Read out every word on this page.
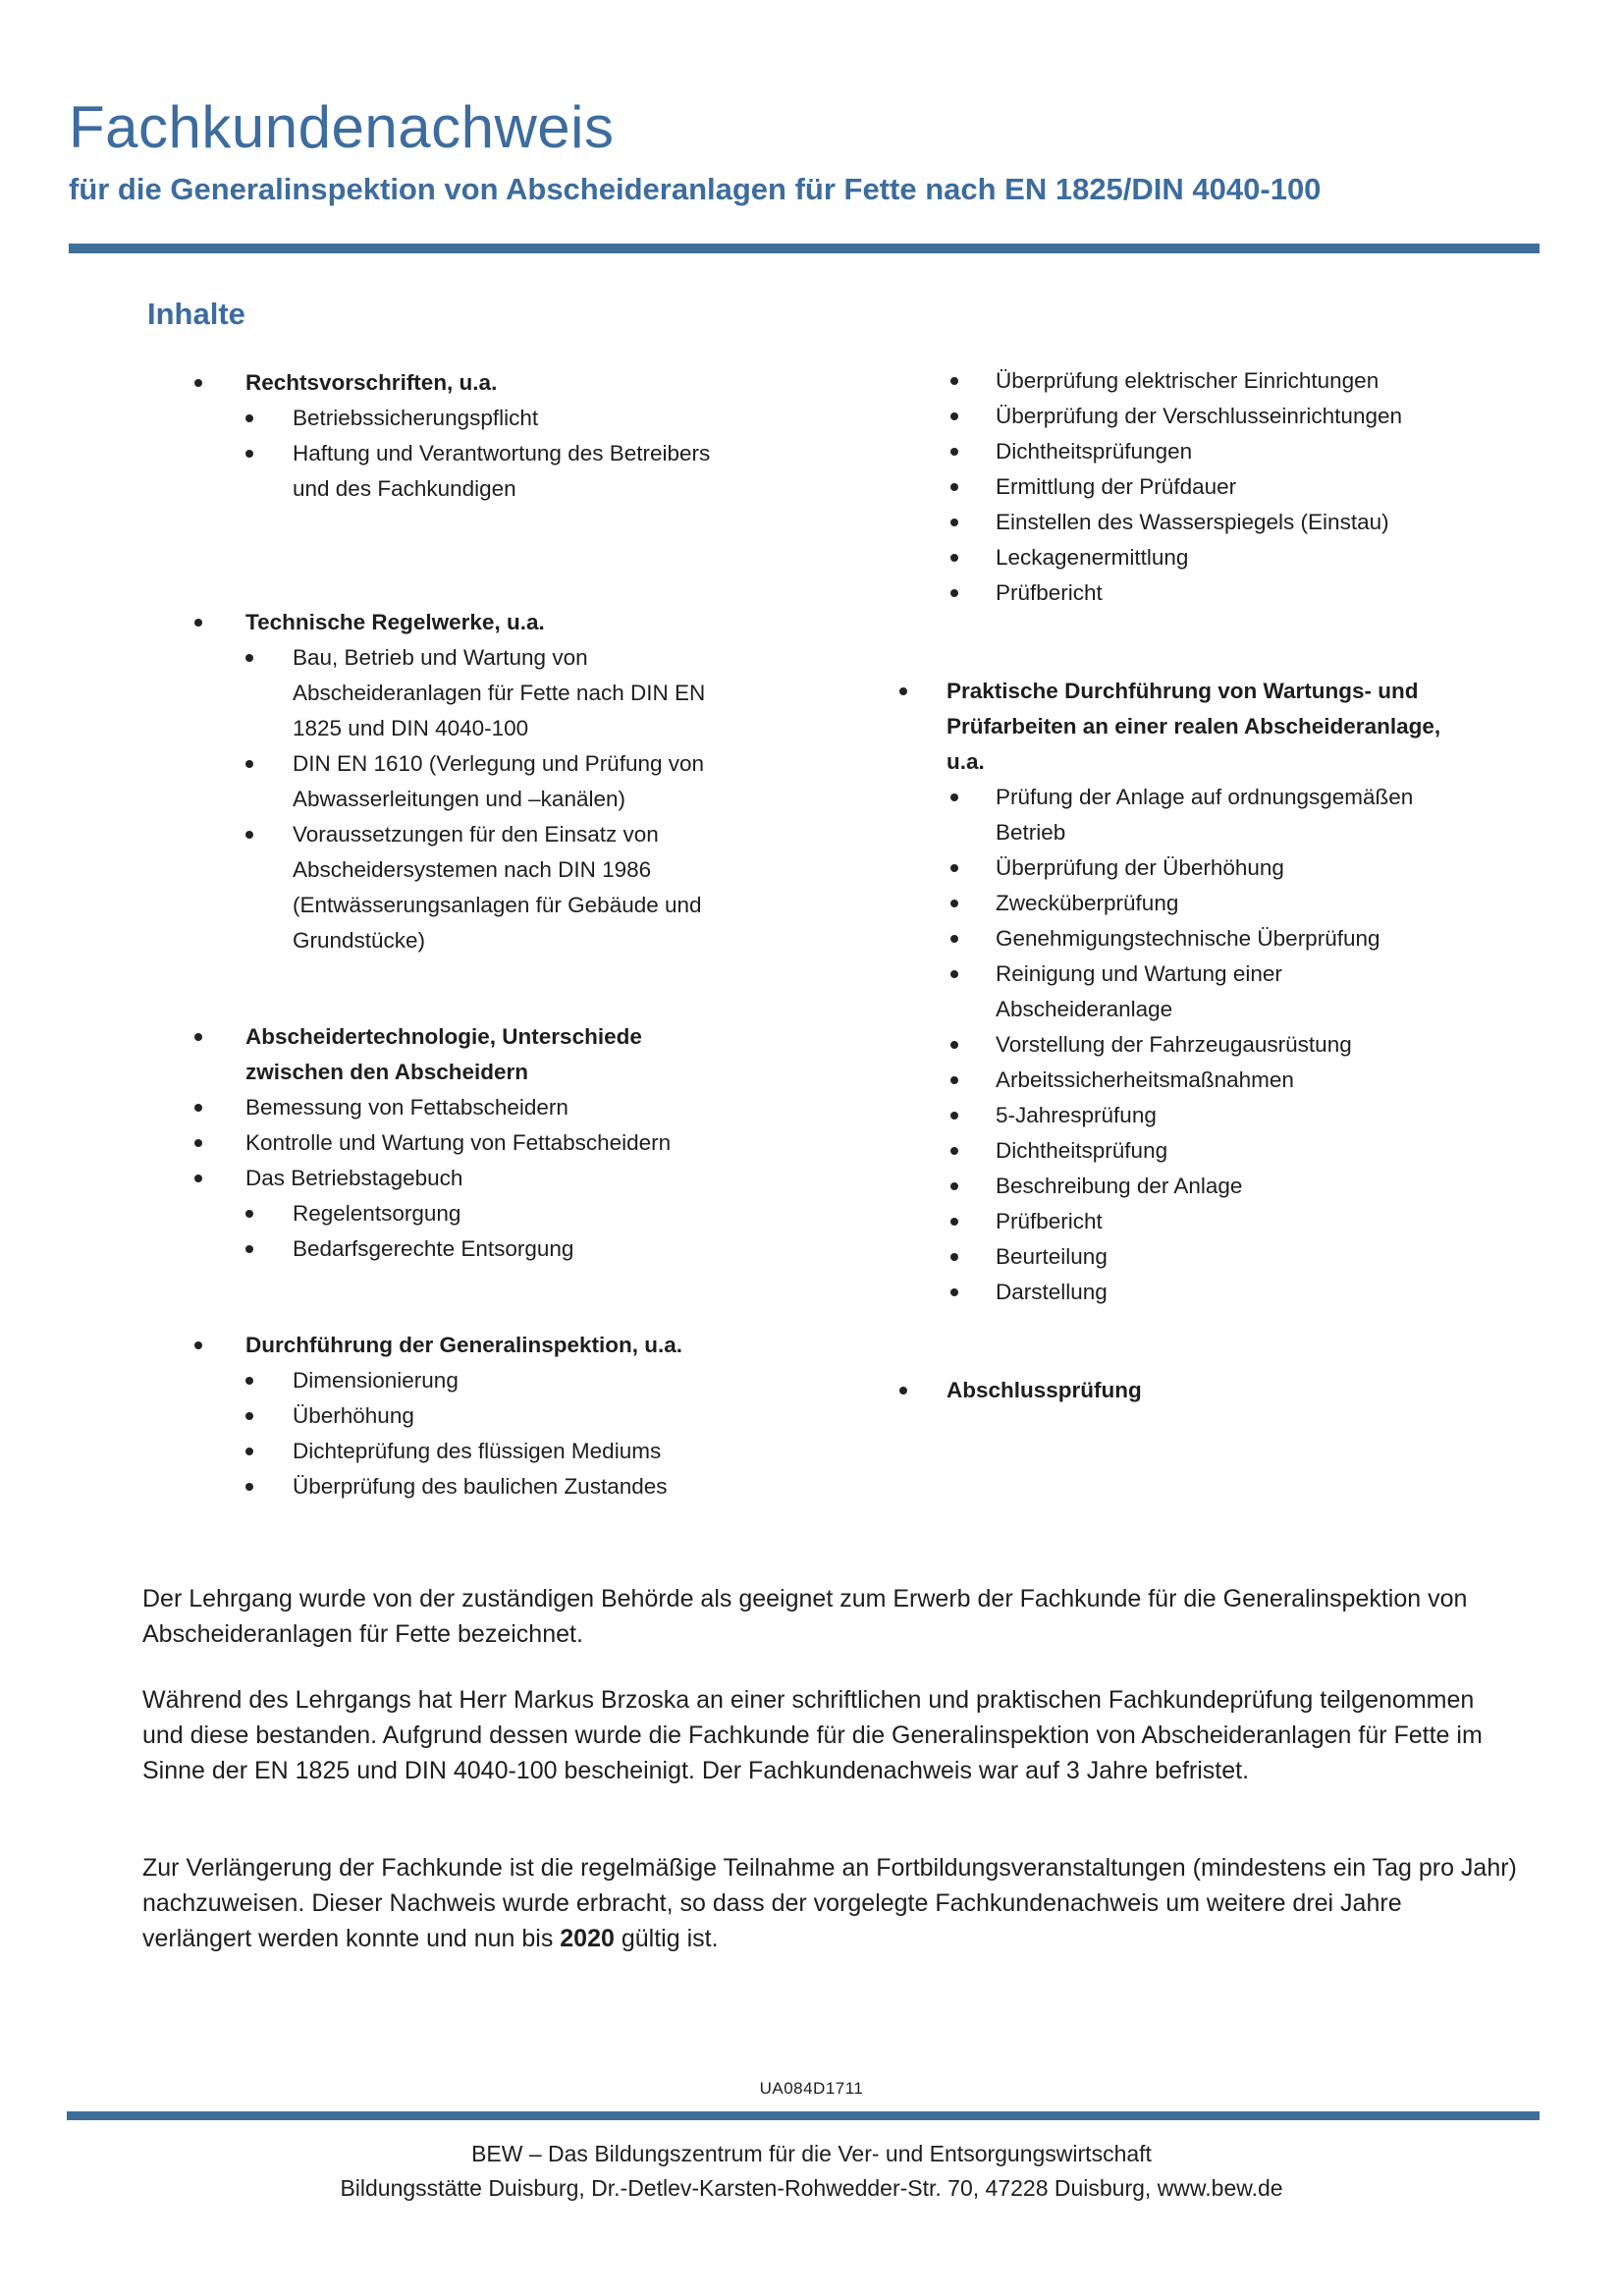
Fachkundenachweis
für die Generalinspektion von Abscheideranlagen für Fette nach EN 1825/DIN 4040-100
Inhalte
Rechtsvorschriften, u.a.
Betriebssicherungspflicht
Haftung und Verantwortung des Betreibers und des Fachkundigen
Technische Regelwerke, u.a.
Bau, Betrieb und Wartung von Abscheideranlagen für Fette nach DIN EN 1825 und DIN 4040-100
DIN EN 1610 (Verlegung und Prüfung von Abwasserleitungen und –kanälen)
Voraussetzungen für den Einsatz von Abscheidersystemen nach DIN 1986 (Entwässerungsanlagen für Gebäude und Grundstücke)
Abscheidertechnologie, Unterschiede zwischen den Abscheidern
Bemessung von Fettabscheidern
Kontrolle und Wartung von Fettabscheidern
Das Betriebstagebuch
Regelentsorgung
Bedarfsgerechte Entsorgung
Durchführung der Generalinspektion, u.a.
Dimensionierung
Überhöhung
Dichteprüfung des flüssigen Mediums
Überprüfung des baulichen Zustandes
Überprüfung elektrischer Einrichtungen
Überprüfung der Verschlusseinrichtungen
Dichtheitsprüfungen
Ermittlung der Prüfdauer
Einstellen des Wasserspiegels (Einstau)
Leckagenermittlung
Prüfbericht
Praktische Durchführung von Wartungs- und Prüfarbeiten an einer realen Abscheideranlage, u.a.
Prüfung der Anlage auf ordnungsgemäßen Betrieb
Überprüfung der Überhöhung
Zwecküberprüfung
Genehmigungstechnische Überprüfung
Reinigung und Wartung einer Abscheideranlage
Vorstellung der Fahrzeugausrüstung
Arbeitssicherheitsmaßnahmen
5-Jahresprüfung
Dichtheitsprüfung
Beschreibung der Anlage
Prüfbericht
Beurteilung
Darstellung
Abschlussprüfung
Der Lehrgang wurde von der zuständigen Behörde als geeignet zum Erwerb der Fachkunde für die Generalinspektion von Abscheideranlagen für Fette bezeichnet.
Während des Lehrgangs hat Herr Markus Brzoska an einer schriftlichen und praktischen Fachkundeprüfung teilgenommen und diese bestanden. Aufgrund dessen wurde die Fachkunde für die Generalinspektion von Abscheideranlagen für Fette im Sinne der EN 1825 und DIN 4040-100 bescheinigt. Der Fachkundenachweis war auf 3 Jahre befristet.
Zur Verlängerung der Fachkunde ist die regelmäßige Teilnahme an Fortbildungsveranstaltungen (mindestens ein Tag pro Jahr) nachzuweisen. Dieser Nachweis wurde erbracht, so dass der vorgelegte Fachkundenachweis um weitere drei Jahre verlängert werden konnte und nun bis 2020 gültig ist.
UA084D1711
BEW – Das Bildungszentrum für die Ver- und Entsorgungswirtschaft
Bildungsstätte Duisburg, Dr.-Detlev-Karsten-Rohwedder-Str. 70, 47228 Duisburg, www.bew.de
